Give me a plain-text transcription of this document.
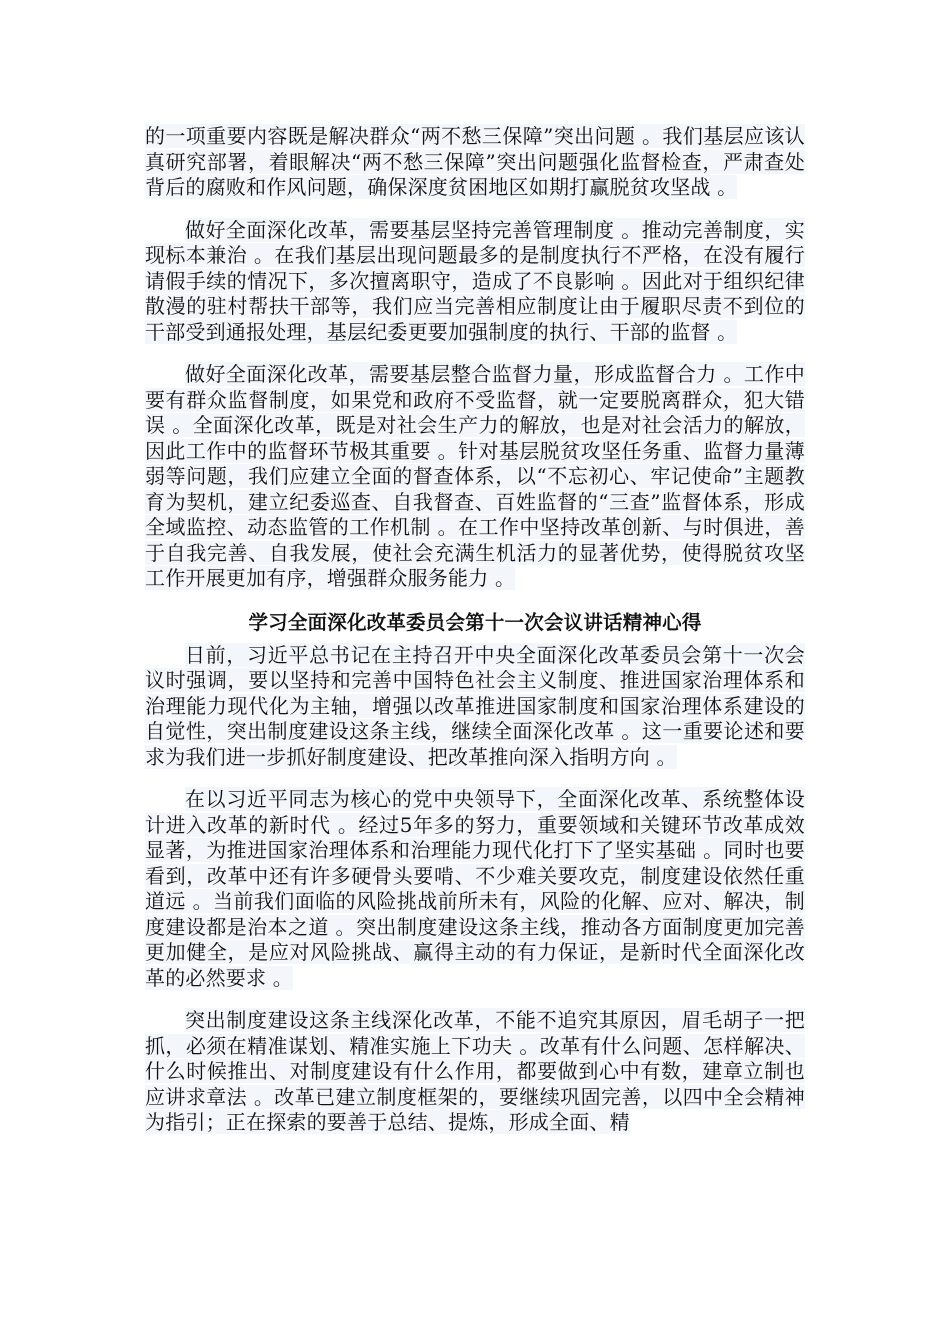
的一项重要内容既是解决群众“两不愁三保障”突出问题 。我们基层应该认真研究部署，着眼解决“两不愁三保障”突出问题强化监督检查，严肃查处背后的腐败和作风问题，确保深度贫困地区如期打赢脱贫攻坚战 。

做好全面深化改革，需要基层坚持完善管理制度 。推动完善制度，实现标本兼治 。在我们基层出现问题最多的是制度执行不严格，在没有履行请假手续的情况下，多次擅离职守，造成了不良影响 。因此对于组织纪律散漫的驻村帮扶干部等，我们应当完善相应制度让由于履职尽责不到位的干部受到通报处理，基层纪委更要加强制度的执行、干部的监督 。

做好全面深化改革，需要基层整合监督力量，形成监督合力 。工作中要有群众监督制度，如果党和政府不受监督，就一定要脱离群众，犯大错误 。全面深化改革，既是对社会生产力的解放，也是对社会活力的解放，因此工作中的监督环节极其重要 。针对基层脱贫攻坚任务重、监督力量薄弱等问题，我们应建立全面的督查体系，以“不忘初心、牢记使命”主题教育为契机，建立纪委巡查、自我督查、百姓监督的“三查”监督体系，形成全域监控、动态监管的工作机制 。在工作中坚持改革创新、与时俱进，善于自我完善、自我发展，使社会充满生机活力的显著优势，使得脱贫攻坚工作开展更加有序，增强群众服务能力 。

学习全面深化改革委员会第十一次会议讲话精神心得

日前，习近平总书记在主持召开中央全面深化改革委员会第十一次会议时强调，要以坚持和完善中国特色社会主义制度、推进国家治理体系和治理能力现代化为主轴，增强以改革推进国家制度和国家治理体系建设的自觉性，突出制度建设这条主线，继续全面深化改革 。这一重要论述和要求为我们进一步抓好制度建设、把改革推向深入指明方向 。

在以习近平同志为核心的党中央领导下，全面深化改革、系统整体设计进入改革的新时代 。经过5年多的努力，重要领域和关键环节改革成效显著，为推进国家治理体系和治理能力现代化打下了坚实基础 。同时也要看到，改革中还有许多硬骨头要啃、不少难关要攻克，制度建设依然任重道远 。当前我们面临的风险挑战前所未有，风险的化解、应对、解决，制度建设都是治本之道 。突出制度建设这条主线，推动各方面制度更加完善更加健全，是应对风险挑战、赢得主动的有力保证，是新时代全面深化改革的必然要求 。

突出制度建设这条主线深化改革，不能不追究其原因，眉毛胡子一把抓，必须在精准谋划、精准实施上下功夫 。改革有什么问题、怎样解决、什么时候推出、对制度建设有什么作用，都要做到心中有数，建章立制也应讲求章法 。改革已建立制度框架的，要继续巩固完善，以四中全会精神为指引；正在探索的要善于总结、提炼，形成全面、精
